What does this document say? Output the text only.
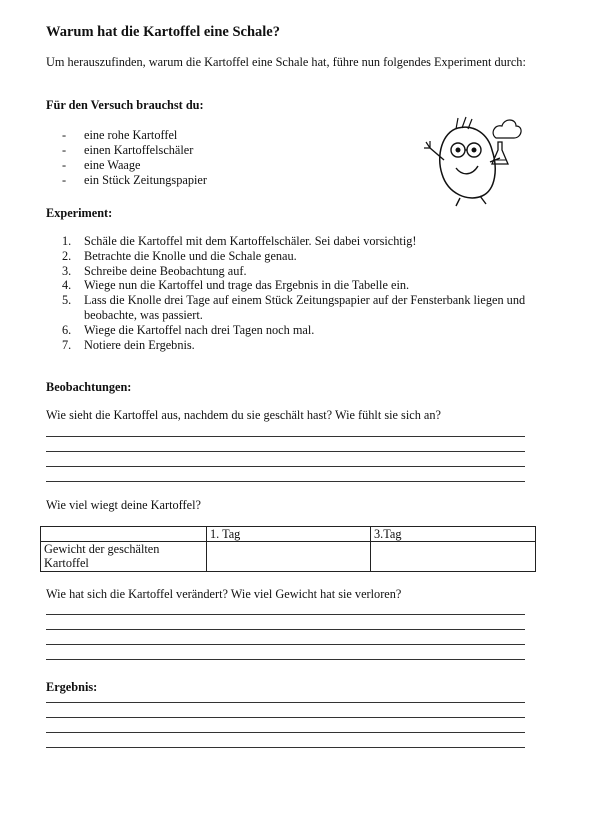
Warum hat die Kartoffel eine Schale?
Um herauszufinden, warum die Kartoffel eine Schale hat, führe nun folgendes Experiment durch:
Für den Versuch brauchst du:
- eine rohe Kartoffel
- einen Kartoffelschäler
- eine Waage
- ein Stück Zeitungspapier
Experiment:
1. Schäle die Kartoffel mit dem Kartoffelschäler. Sei dabei vorsichtig!
2. Betrachte die Knolle und die Schale genau.
3. Schreibe deine Beobachtung auf.
4. Wiege nun die Kartoffel und trage das Ergebnis in die Tabelle ein.
5. Lass die Knolle drei Tage auf einem Stück Zeitungspapier auf der Fensterbank liegen und beobachte, was passiert.
6. Wiege die Kartoffel nach drei Tagen noch mal.
7. Notiere dein Ergebnis.
Beobachtungen:
Wie sieht die Kartoffel aus, nachdem du sie geschält hast? Wie fühlt sie sich an?
Wie viel wiegt deine Kartoffel?
	1. Tag	3.Tag
Gewicht der geschälten Kartoffel		
Wie hat sich die Kartoffel verändert? Wie viel Gewicht hat sie verloren?
Ergebnis:
